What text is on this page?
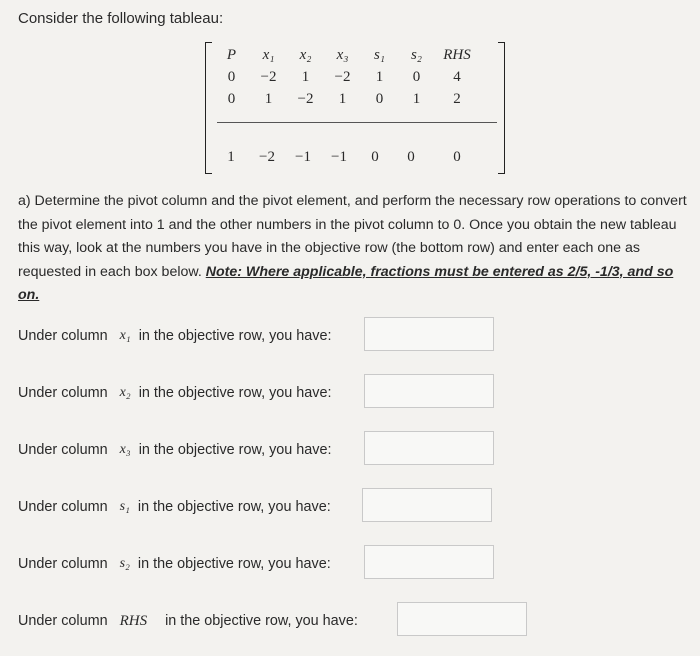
Consider the following tableau:
P	x₁	x₂	x₃	s₁	s₂	RHS
0	−2	1	−2	1	0	4
0	1	−2	1	0	1	2
1	−2	−1	−1	0	0	0
a) Determine the pivot column and the pivot element, and perform the necessary row operations to convert the pivot element into 1 and the other numbers in the pivot column to 0. Once you obtain the new tableau this way, look at the numbers you have in the objective row (the bottom row) and enter each one as requested in each box below. Note: Where applicable, fractions must be entered as 2/5, -1/3, and so on.
Under column x₁ in the objective row, you have:
Under column x₂ in the objective row, you have:
Under column x₃ in the objective row, you have:
Under column s₁ in the objective row, you have:
Under column s₂ in the objective row, you have:
Under column RHS in the objective row, you have:
